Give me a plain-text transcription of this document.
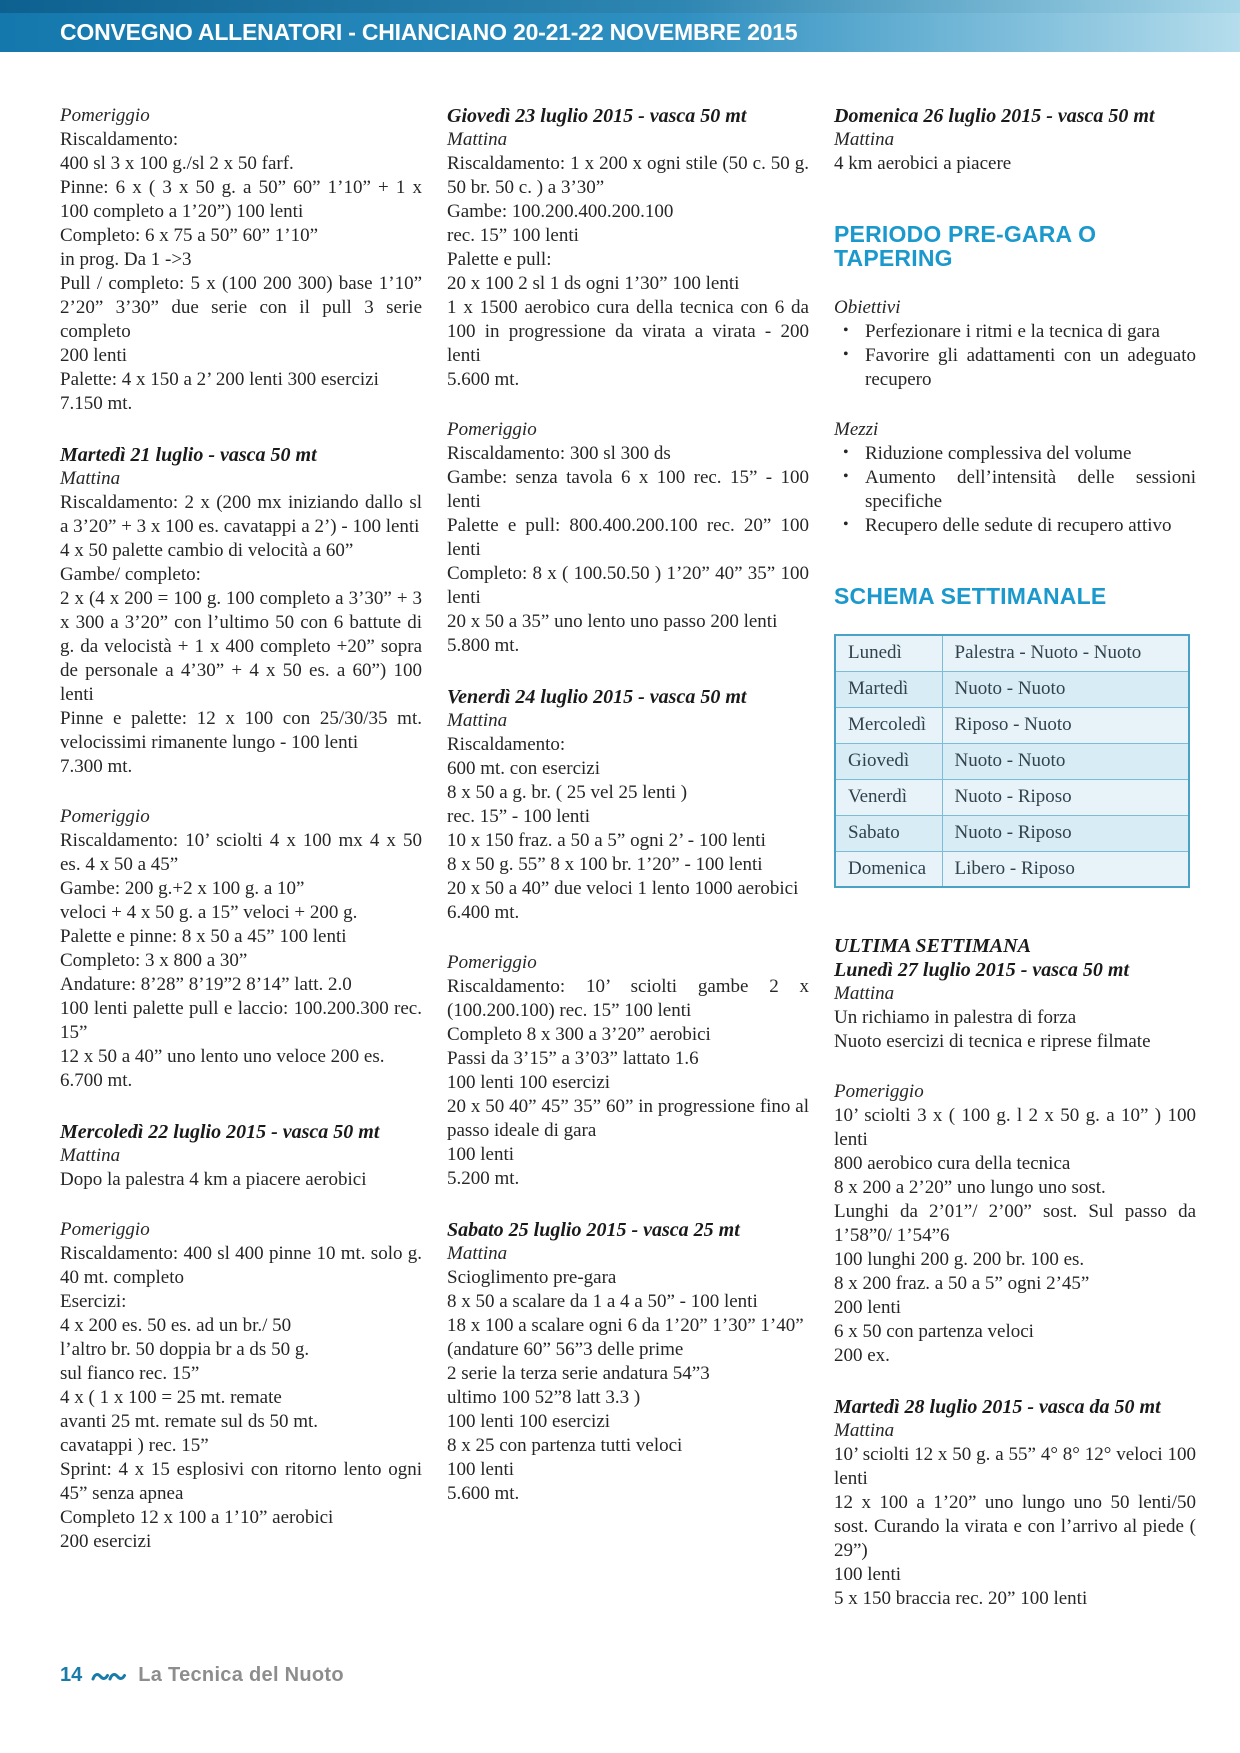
CONVEGNO ALLENATORI - CHIANCIANO 20-21-22 NOVEMBRE 2015
Pomeriggio

Riscaldamento:

400 sl 3 x 100 g./sl 2 x 50 farf.

Pinne: 6 x ( 3 x 50 g. a 50” 60” 1’10” + 1 x 100 completo a 1’20”) 100 lenti

Completo: 6 x 75 a 50” 60” 1’10”

in prog. Da 1 ->3

Pull / completo: 5 x (100 200 300) base 1’10” 2’20” 3’30” due serie con il pull 3 serie completo

200 lenti

Palette: 4 x 150 a 2’ 200 lenti 300 esercizi

7.150 mt.

Martedì 21 luglio - vasca 50 mt
Mattina

Riscaldamento: 2 x (200 mx iniziando dallo sl a 3’20” + 3 x 100 es. cavatappi a 2’) - 100 lenti

4 x 50 palette cambio di velocità a 60”

Gambe/ completo:

2 x (4 x 200 = 100 g. 100 completo a 3’30” + 3 x 300 a 3’20” con l’ultimo 50 con 6 battute di g. da velocistà + 1 x 400 completo +20” sopra de personale a 4’30” + 4 x 50 es. a 60”) 100 lenti

Pinne e palette: 12 x 100 con 25/30/35 mt. velocissimi rimanente lungo - 100 lenti

7.300 mt.

Pomeriggio

Riscaldamento: 10’ sciolti 4 x 100 mx 4 x 50 es. 4 x 50 a 45”

Gambe: 200 g.+2 x 100 g. a 10”

veloci + 4 x 50 g. a 15” veloci + 200 g.

Palette e pinne: 8 x 50 a 45” 100 lenti

Completo: 3 x 800 a 30”

Andature: 8’28” 8’19”2 8’14” latt. 2.0

100 lenti palette pull e laccio: 100.200.300 rec. 15”

12 x 50 a 40” uno lento uno veloce 200 es.

6.700 mt.

Mercoledì 22 luglio 2015 - vasca 50 mt
Mattina

Dopo la palestra 4 km a piacere aerobici

Pomeriggio

Riscaldamento: 400 sl 400 pinne 10 mt. solo g. 40 mt. completo

Esercizi:

4 x 200 es. 50 es. ad un br./ 50

l’altro br. 50 doppia br a ds 50 g.

sul fianco rec. 15”

4 x ( 1 x 100 = 25 mt. remate

avanti 25 mt. remate sul ds 50 mt.

cavatappi ) rec. 15”

Sprint: 4 x 15 esplosivi con ritorno lento ogni 45” senza apnea

Completo 12 x 100 a 1’10” aerobici

200 esercizi

Giovedì 23 luglio 2015 - vasca 50 mt
Mattina

Riscaldamento: 1 x 200 x ogni stile (50 c. 50 g. 50 br. 50 c. ) a 3’30”

Gambe: 100.200.400.200.100

rec. 15” 100 lenti

Palette e pull:

20 x 100 2 sl 1 ds ogni 1’30” 100 lenti

1 x 1500 aerobico cura della tecnica con 6 da 100 in progressione da virata a virata - 200 lenti

5.600 mt.

Pomeriggio

Riscaldamento: 300 sl 300 ds

Gambe: senza tavola 6 x 100 rec. 15” - 100 lenti

Palette e pull: 800.400.200.100 rec. 20” 100 lenti

Completo: 8 x ( 100.50.50 ) 1’20” 40” 35” 100 lenti

20 x 50 a 35” uno lento uno passo 200 lenti

5.800 mt.

Venerdì 24 luglio 2015 - vasca 50 mt
Mattina

Riscaldamento:

600 mt. con esercizi

8 x 50 a g. br. ( 25 vel 25 lenti )

rec. 15” - 100 lenti

10 x 150 fraz. a 50 a 5” ogni 2’ - 100 lenti

8 x 50 g. 55” 8 x 100 br. 1’20” - 100 lenti

20 x 50 a 40” due veloci 1 lento 1000 aerobici

6.400 mt.

Pomeriggio

Riscaldamento: 10’ sciolti gambe 2 x (100.200.100) rec. 15” 100 lenti

Completo 8 x 300 a 3’20” aerobici

Passi da 3’15” a 3’03” lattato 1.6

100 lenti 100 esercizi

20 x 50 40” 45” 35” 60” in progressione fino al passo ideale di gara

100 lenti

5.200 mt.

Sabato 25 luglio 2015 - vasca 25 mt
Mattina

Scioglimento pre-gara

8 x 50 a scalare da 1 a 4 a 50” - 100 lenti

18 x 100 a scalare ogni 6 da 1’20” 1’30” 1’40”

(andature 60” 56”3 delle prime

2 serie la terza serie andatura 54”3

ultimo 100 52”8 latt 3.3 )

100 lenti 100 esercizi

8 x 25 con partenza tutti veloci

100 lenti

5.600 mt.

Domenica 26 luglio 2015 - vasca 50 mt
Mattina

4 km aerobici a piacere

PERIODO PRE-GARA O TAPERING
Obiettivi
• Perfezionare i ritmi e la tecnica di gara
• Favorire gli adattamenti con un adeguato recupero
Mezzi
• Riduzione complessiva del volume
• Aumento dell’intensità delle sessioni specifiche
• Recupero delle sedute di recupero attivo
SCHEMA SETTIMANALE
Lunedì	Palestra - Nuoto - Nuoto
Martedì	Nuoto - Nuoto
Mercoledì	Riposo - Nuoto
Giovedì	Nuoto - Nuoto
Venerdì	Nuoto - Riposo
Sabato	Nuoto - Riposo
Domenica	Libero - Riposo
ULTIMA SETTIMANA
Lunedì 27 luglio 2015 - vasca 50 mt
Mattina

Un richiamo in palestra di forza

Nuoto esercizi di tecnica e riprese filmate

Pomeriggio

10’ sciolti 3 x ( 100 g. l 2 x 50 g. a 10” ) 100 lenti

800 aerobico cura della tecnica

8 x 200 a 2’20” uno lungo uno sost.

Lunghi da 2’01”/ 2’00” sost. Sul passo da 1’58”0/ 1’54”6

100 lunghi 200 g. 200 br. 100 es.

8 x 200 fraz. a 50 a 5” ogni 2’45”

200 lenti

6 x 50 con partenza veloci

200 ex.

Martedì 28 luglio 2015 - vasca da 50 mt
Mattina

10’ sciolti 12 x 50 g. a 55” 4° 8° 12° veloci 100 lenti

12 x 100 a 1’20” uno lungo uno 50 lenti/50 sost. Curando la virata e con l’arrivo al piede ( 29”)

100 lenti

5 x 150 braccia rec. 20” 100 lenti

14	La Tecnica del Nuoto
